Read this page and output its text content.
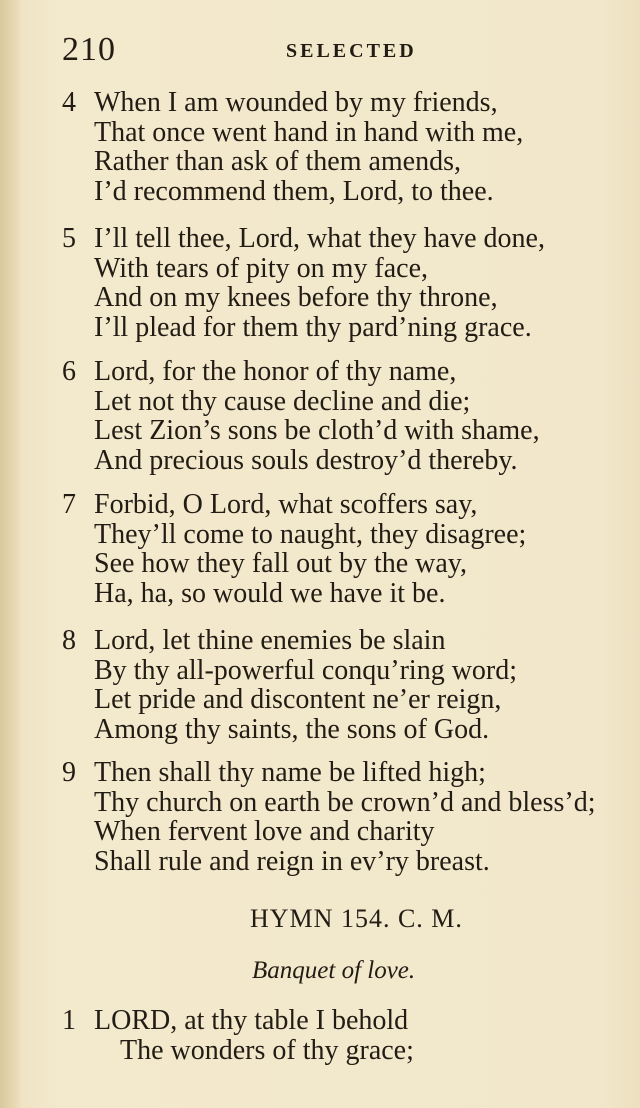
210	SELECTED
4 When I am wounded by my friends,
That once went hand in hand with me,
Rather than ask of them amends,
I’d recommend them, Lord, to thee.
5 I’ll tell thee, Lord, what they have done,
With tears of pity on my face,
And on my knees before thy throne,
I’ll plead for them thy pard’ning grace.
6 Lord, for the honor of thy name,
Let not thy cause decline and die;
Lest Zion’s sons be cloth’d with shame,
And precious souls destroy’d thereby.
7 Forbid, O Lord, what scoffers say,
They’ll come to naught, they disagree;
See how they fall out by the way,
Ha, ha, so would we have it be.
8 Lord, let thine enemies be slain
By thy all-powerful conqu’ring word;
Let pride and discontent ne’er reign,
Among thy saints, the sons of God.
9 Then shall thy name be lifted high;
Thy church on earth be crown’d and bless’d;
When fervent love and charity
Shall rule and reign in ev’ry breast.
HYMN 154. C. M.
Banquet of love.
1 LORD, at thy table I behold
The wonders of thy grace;
